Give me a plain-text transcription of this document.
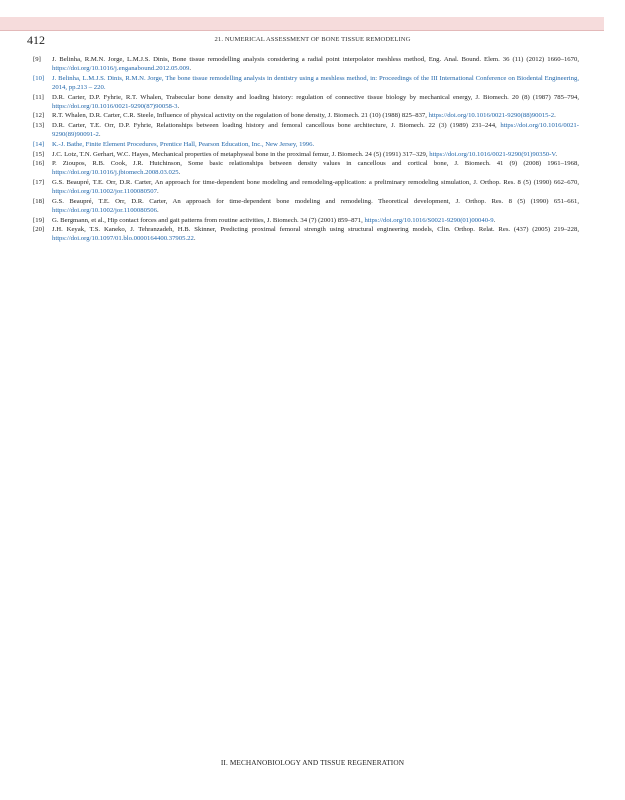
412	21. NUMERICAL ASSESSMENT OF BONE TISSUE REMODELING
[9] J. Belinha, R.M.N. Jorge, L.M.J.S. Dinis, Bone tissue remodelling analysis considering a radial point interpolator meshless method, Eng. Anal. Bound. Elem. 36 (11) (2012) 1660–1670, https://doi.org/10.1016/j.enganabound.2012.05.009.
[10] J. Belinha, L.M.J.S. Dinis, R.M.N. Jorge, The bone tissue remodelling analysis in dentistry using a meshless method, in: Proceedings of the III International Conference on Biodental Engineering, 2014, pp.213 – 220.
[11] D.R. Carter, D.P. Fyhrie, R.T. Whalen, Trabecular bone density and loading history: regulation of connective tissue biology by mechanical energy, J. Biomech. 20 (8) (1987) 785–794, https://doi.org/10.1016/0021-9290(87)90058-3.
[12] R.T. Whalen, D.R. Carter, C.R. Steele, Influence of physical activity on the regulation of bone density, J. Biomech. 21 (10) (1988) 825–837, https://doi.org/10.1016/0021-9290(88)90015-2.
[13] D.R. Carter, T.E. Orr, D.P. Fyhrie, Relationships between loading history and femoral cancellous bone architecture, J. Biomech. 22 (3) (1989) 231–244, https://doi.org/10.1016/0021-9290(89)90091-2.
[14] K.-J. Bathe, Finite Element Procedures, Prentice Hall, Pearson Education, Inc., New Jersey, 1996.
[15] J.C. Lotz, T.N. Gerhart, W.C. Hayes, Mechanical properties of metaphyseal bone in the proximal femur, J. Biomech. 24 (5) (1991) 317–329, https://doi.org/10.1016/0021-9290(91)90350-V.
[16] P. Zioupos, R.B. Cook, J.R. Hutchinson, Some basic relationships between density values in cancellous and cortical bone, J. Biomech. 41 (9) (2008) 1961–1968, https://doi.org/10.1016/j.jbiomech.2008.03.025.
[17] G.S. Beaupré, T.E. Orr, D.R. Carter, An approach for time-dependent bone modeling and remodeling-application: a preliminary remodeling simulation, J. Orthop. Res. 8 (5) (1990) 662–670, https://doi.org/10.1002/jor.1100080507.
[18] G.S. Beaupré, T.E. Orr, D.R. Carter, An approach for time-dependent bone modeling and remodeling. Theoretical development, J. Orthop. Res. 8 (5) (1990) 651–661, https://doi.org/10.1002/jor.1100080506.
[19] G. Bergmann, et al., Hip contact forces and gait patterns from routine activities, J. Biomech. 34 (7) (2001) 859–871, https://doi.org/10.1016/S0021-9290(01)00040-9.
[20] J.H. Keyak, T.S. Kaneko, J. Tehranzadeh, H.B. Skinner, Predicting proximal femoral strength using structural engineering models, Clin. Orthop. Relat. Res. (437) (2005) 219–228, https://doi.org/10.1097/01.blo.0000164400.37905.22.
II. MECHANOBIOLOGY AND TISSUE REGENERATION
